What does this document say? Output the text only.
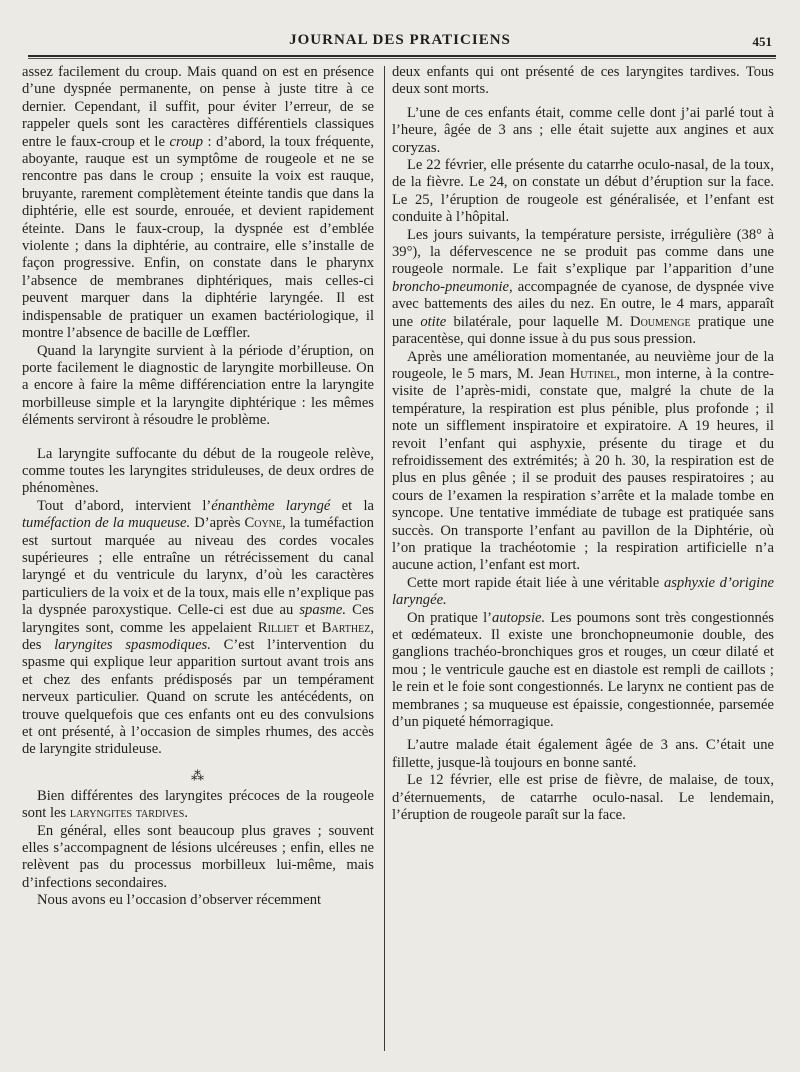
JOURNAL DES PRATICIENS	451

assez facilement du croup. Mais quand on est en présence d’une dyspnée permanente, on pense à juste titre à ce dernier. Cependant, il suffit, pour éviter l’erreur, de se rappeler quels sont les caractères différentiels classiques entre le faux-croup et le croup : d’abord, la toux fréquente, aboyante, rauque est un symptôme de rougeole et ne se rencontre pas dans le croup ; ensuite la voix est rauque, bruyante, rarement complètement éteinte tandis que dans la diphtérie, elle est sourde, enrouée, et devient rapidement éteinte. Dans le faux-croup, la dyspnée est d’emblée violente ; dans la diphtérie, au contraire, elle s’installe de façon progressive. Enfin, on constate dans le pharynx l’absence de membranes diphtériques, mais celles-ci peuvent marquer dans la diphtérie laryngée. Il est indispensable de pratiquer un examen bactériologique, il montre l’absence de bacille de Lœffler.

Quand la laryngite survient à la période d’éruption, on porte facilement le diagnostic de laryngite morbilleuse. On a encore à faire la même différenciation entre la laryngite morbilleuse simple et la laryngite diphtérique : les mêmes éléments serviront à résoudre le problème.

La laryngite suffocante du début de la rougeole relève, comme toutes les laryngites striduleuses, de deux ordres de phénomènes.

Tout d’abord, intervient l’énanthème laryngé et la tuméfaction de la muqueuse. D’après Coyne, la tuméfaction est surtout marquée au niveau des cordes vocales supérieures ; elle entraîne un rétrécissement du canal laryngé et du ventricule du larynx, d’où les caractères particuliers de la voix et de la toux, mais elle n’explique pas la dyspnée paroxystique. Celle-ci est due au spasme. Ces laryngites sont, comme les appelaient Rilliet et Barthez, des laryngites spasmodiques. C’est l’intervention du spasme qui explique leur apparition surtout avant trois ans et chez des enfants prédisposés par un tempérament nerveux particulier. Quand on scrute les antécédents, on trouve quelquefois que ces enfants ont eu des convulsions et ont présenté, à l’occasion de simples rhumes, des accès de laryngite striduleuse.

⁂

Bien différentes des laryngites précoces de la rougeole sont les laryngites tardives.

En général, elles sont beaucoup plus graves ; souvent elles s’accompagnent de lésions ulcéreuses ; enfin, elles ne relèvent pas du processus morbilleux lui-même, mais d’infections secondaires.

Nous avons eu l’occasion d’observer récemment

deux enfants qui ont présenté de ces laryngites tardives. Tous deux sont morts.

L’une de ces enfants était, comme celle dont j’ai parlé tout à l’heure, âgée de 3 ans ; elle était sujette aux angines et aux coryzas.

Le 22 février, elle présente du catarrhe oculo-nasal, de la toux, de la fièvre. Le 24, on constate un début d’éruption sur la face. Le 25, l’éruption de rougeole est généralisée, et l’enfant est conduite à l’hôpital.

Les jours suivants, la température persiste, irrégulière (38° à 39°), la défervescence ne se produit pas comme dans une rougeole normale. Le fait s’explique par l’apparition d’une broncho-pneumonie, accompagnée de cyanose, de dyspnée vive avec battements des ailes du nez. En outre, le 4 mars, apparaît une otite bilatérale, pour laquelle M. Doumenge pratique une paracentèse, qui donne issue à du pus sous pression.

Après une amélioration momentanée, au neuvième jour de la rougeole, le 5 mars, M. Jean Hutinel, mon interne, à la contre-visite de l’après-midi, constate que, malgré la chute de la température, la respiration est plus pénible, plus profonde ; il note un sifflement inspiratoire et expiratoire. A 19 heures, il revoit l’enfant qui asphyxie, présente du tirage et du refroidissement des extrémités; à 20 h. 30, la respiration est de plus en plus gênée ; il se produit des pauses respiratoires ; au cours de l’examen la respiration s’arrête et la malade tombe en syncope. Une tentative immédiate de tubage est pratiquée sans succès. On transporte l’enfant au pavillon de la Diphtérie, où l’on pratique la trachéotomie ; la respiration artificielle n’a aucune action, l’enfant est mort.

Cette mort rapide était liée à une véritable asphyxie d’origine laryngée.

On pratique l’autopsie. Les poumons sont très congestionnés et œdémateux. Il existe une bronchopneumonie double, des ganglions trachéo-bronchiques gros et rouges, un cœur dilaté et mou ; le ventricule gauche est en diastole est rempli de caillots ; le rein et le foie sont congestionnés. Le larynx ne contient pas de membranes ; sa muqueuse est épaissie, congestionnée, parsemée d’un piqueté hémorragique.

L’autre malade était également âgée de 3 ans. C’était une fillette, jusque-là toujours en bonne santé.

Le 12 février, elle est prise de fièvre, de malaise, de toux, d’éternuements, de catarrhe oculo-nasal. Le lendemain, l’éruption de rougeole paraît sur la face.
